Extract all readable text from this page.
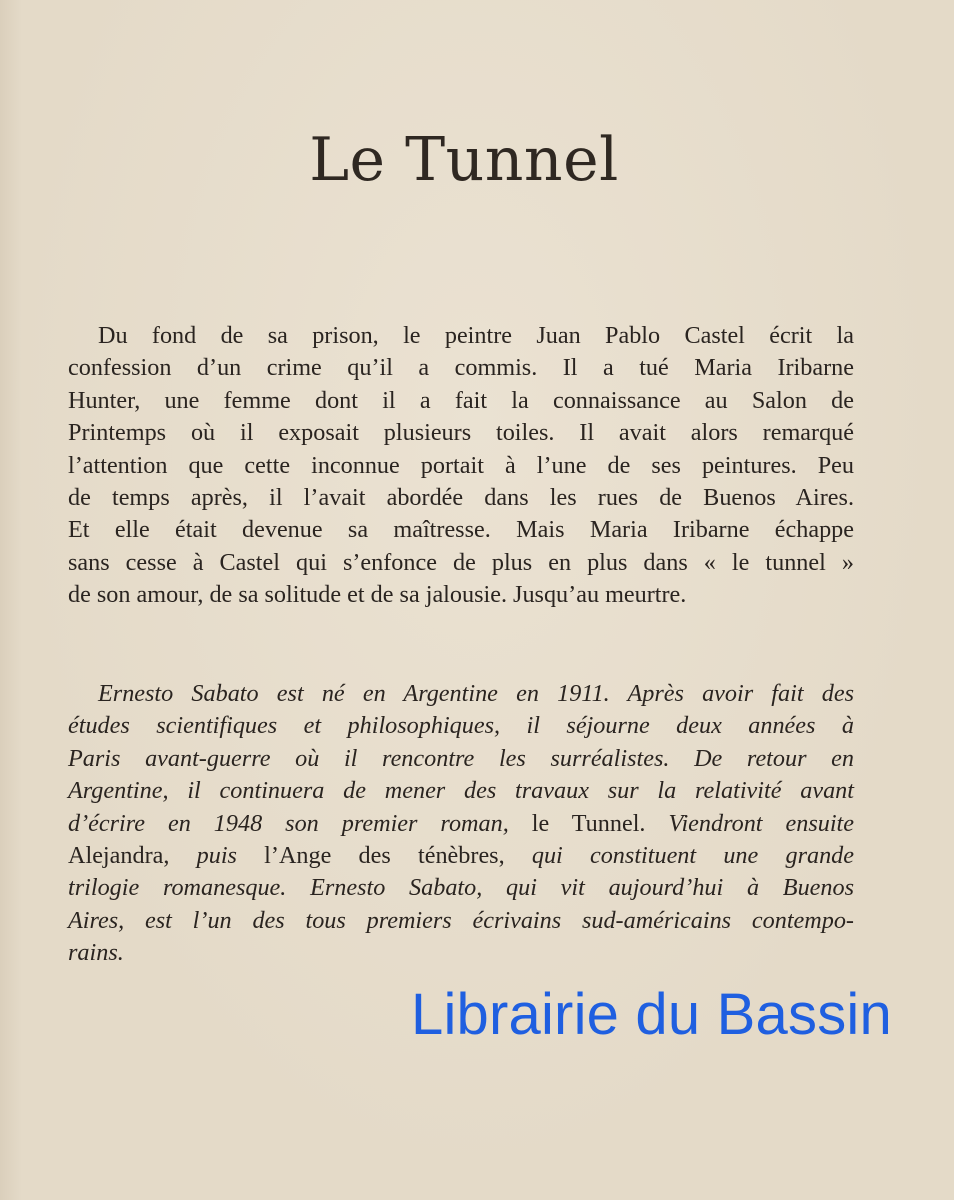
Le Tunnel
Du fond de sa prison, le peintre Juan Pablo Castel écrit la
confession d’un crime qu’il a commis. Il a tué Maria Iribarne
Hunter, une femme dont il a fait la connaissance au Salon de
Printemps où il exposait plusieurs toiles. Il avait alors remarqué
l’attention que cette inconnue portait à l’une de ses peintures. Peu
de temps après, il l’avait abordée dans les rues de Buenos Aires.
Et elle était devenue sa maîtresse. Mais Maria Iribarne échappe
sans cesse à Castel qui s’enfonce de plus en plus dans « le tunnel »
de son amour, de sa solitude et de sa jalousie. Jusqu’au meurtre.
Ernesto Sabato est né en Argentine en 1911. Après avoir fait des
études scientifiques et philosophiques, il séjourne deux années à
Paris avant-guerre où il rencontre les surréalistes. De retour en
Argentine, il continuera de mener des travaux sur la relativité avant
d’écrire en 1948 son premier roman, le Tunnel. Viendront ensuite
Alejandra, puis l’Ange des ténèbres, qui constituent une grande
trilogie romanesque. Ernesto Sabato, qui vit aujourd’hui à Buenos
Aires, est l’un des tous premiers écrivains sud-américains contempo-
rains.
Librairie du Bassin
